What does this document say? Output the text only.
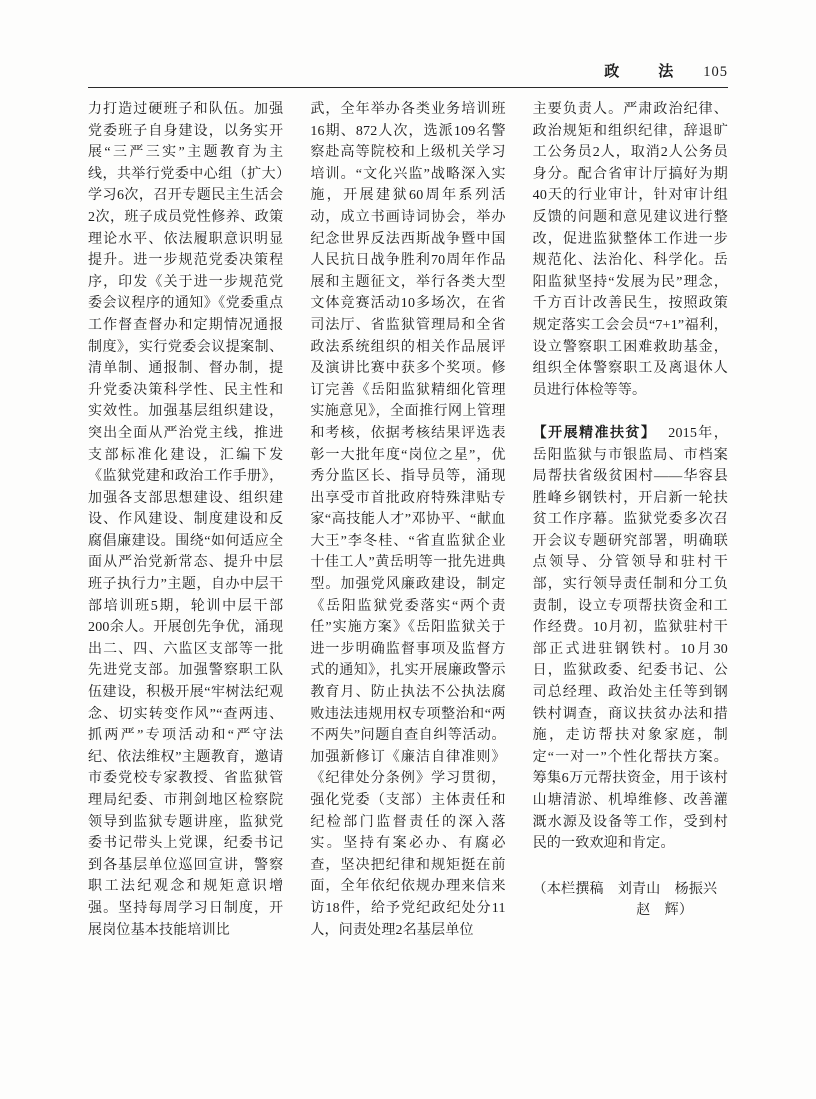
政　法 105

力打造过硬班子和队伍。加强党委班子自身建设，以务实开展“三严三实”主题教育为主线，共举行党委中心组（扩大）学习6次，召开专题民主生活会2次，班子成员党性修养、政策理论水平、依法履职意识明显提升。进一步规范党委决策程序，印发《关于进一步规范党委会议程序的通知》《党委重点工作督查督办和定期情况通报制度》，实行党委会议提案制、清单制、通报制、督办制，提升党委决策科学性、民主性和实效性。加强基层组织建设，突出全面从严治党主线，推进支部标准化建设，汇编下发《监狱党建和政治工作手册》，加强各支部思想建设、组织建设、作风建设、制度建设和反腐倡廉建设。围绕“如何适应全面从严治党新常态、提升中层班子执行力”主题，自办中层干部培训班5期，轮训中层干部200余人。开展创先争优，涌现出二、四、六监区支部等一批先进党支部。加强警察职工队伍建设，积极开展“牢树法纪观念、切实转变作风”“查两违、抓两严”专项活动和“严守法纪、依法维权”主题教育，邀请市委党校专家教授、省监狱管理局纪委、市荆剑地区检察院领导到监狱专题讲座，监狱党委书记带头上党课，纪委书记到各基层单位巡回宣讲，警察职工法纪观念和规矩意识增强。坚持每周学习日制度，开展岗位基本技能培训比

武，全年举办各类业务培训班16期、872人次，选派109名警察赴高等院校和上级机关学习培训。“文化兴监”战略深入实施，开展建狱60周年系列活动，成立书画诗词协会，举办纪念世界反法西斯战争暨中国人民抗日战争胜利70周年作品展和主题征文，举行各类大型文体竞赛活动10多场次，在省司法厅、省监狱管理局和全省政法系统组织的相关作品展评及演讲比赛中获多个奖项。修订完善《岳阳监狱精细化管理实施意见》，全面推行网上管理和考核，依据考核结果评选表彰一大批年度“岗位之星”，优秀分监区长、指导员等，涌现出享受市首批政府特殊津贴专家“高技能人才”邓协平、“献血大王”李冬桂、“省直监狱企业十佳工人”黄岳明等一批先进典型。加强党风廉政建设，制定《岳阳监狱党委落实“两个责任”实施方案》《岳阳监狱关于进一步明确监督事项及监督方式的通知》，扎实开展廉政警示教育月、防止执法不公执法腐败违法违规用权专项整治和“两不两失”问题自查自纠等活动。加强新修订《廉洁自律准则》《纪律处分条例》学习贯彻，强化党委（支部）主体责任和纪检部门监督责任的深入落实。坚持有案必办、有腐必查，坚决把纪律和规矩挺在前面，全年依纪依规办理来信来访18件，给予党纪政纪处分11人，问责处理2名基层单位

主要负责人。严肃政治纪律、政治规矩和组织纪律，辞退旷工公务员2人，取消2人公务员身分。配合省审计厅搞好为期40天的行业审计，针对审计组反馈的问题和意见建议进行整改，促进监狱整体工作进一步规范化、法治化、科学化。岳阳监狱坚持“发展为民”理念，千方百计改善民生，按照政策规定落实工会会员“7+1”福利，设立警察职工困难救助基金，组织全体警察职工及离退休人员进行体检等等。

【开展精准扶贫】 2015年，岳阳监狱与市银监局、市档案局帮扶省级贫困村——华容县胜峰乡钢铁村，开启新一轮扶贫工作序幕。监狱党委多次召开会议专题研究部署，明确联点领导、分管领导和驻村干部，实行领导责任制和分工负责制，设立专项帮扶资金和工作经费。10月初，监狱驻村干部正式进驻钢铁村。10月30日，监狱政委、纪委书记、公司总经理、政治处主任等到钢铁村调查，商议扶贫办法和措施，走访帮扶对象家庭，制定“一对一”个性化帮扶方案。筹集6万元帮扶资金，用于该村山塘清淤、机埠维修、改善灌溉水源及设备等工作，受到村民的一致欢迎和肯定。

（本栏撰稿　刘青山　杨振兴

赵　辉）
